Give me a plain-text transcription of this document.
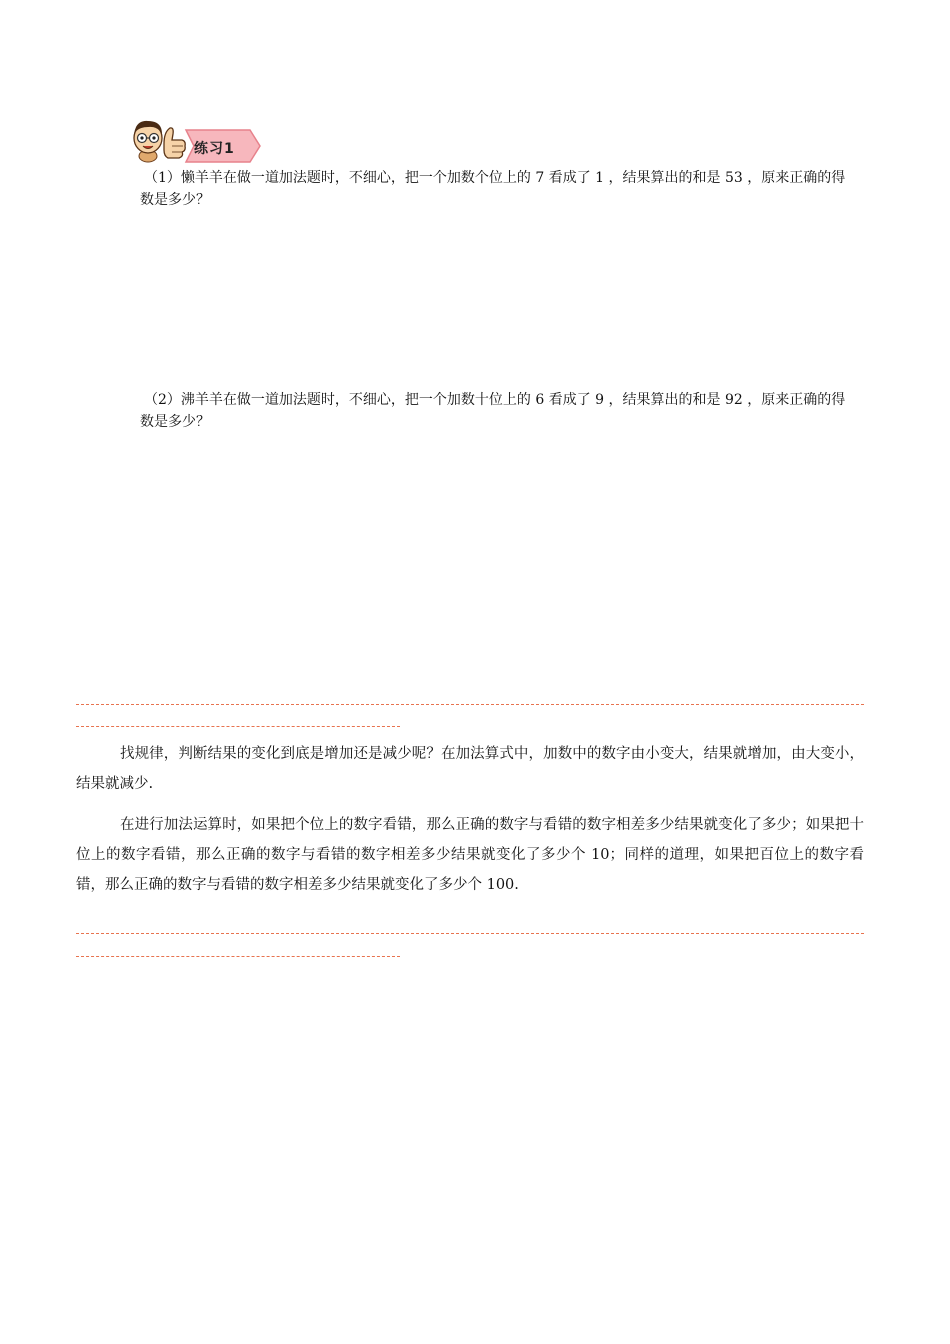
练习1
（1）懒羊羊在做一道加法题时，不细心，把一个加数个位上的 7 看成了 1 ，结果算出的和是 53 ，原来正确的得数是多少？
（2）沸羊羊在做一道加法题时，不细心，把一个加数十位上的 6 看成了 9 ，结果算出的和是 92 ，原来正确的得数是多少？

找规律，判断结果的变化到底是增加还是减少呢？在加法算式中，加数中的数字由小变大，结果就增加，由大变小，结果就减少.

在进行加法运算时，如果把个位上的数字看错，那么正确的数字与看错的数字相差多少结果就变化了多少；如果把十位上的数字看错，那么正确的数字与看错的数字相差多少结果就变化了多少个 10；同样的道理，如果把百位上的数字看错，那么正确的数字与看错的数字相差多少结果就变化了多少个 100.
